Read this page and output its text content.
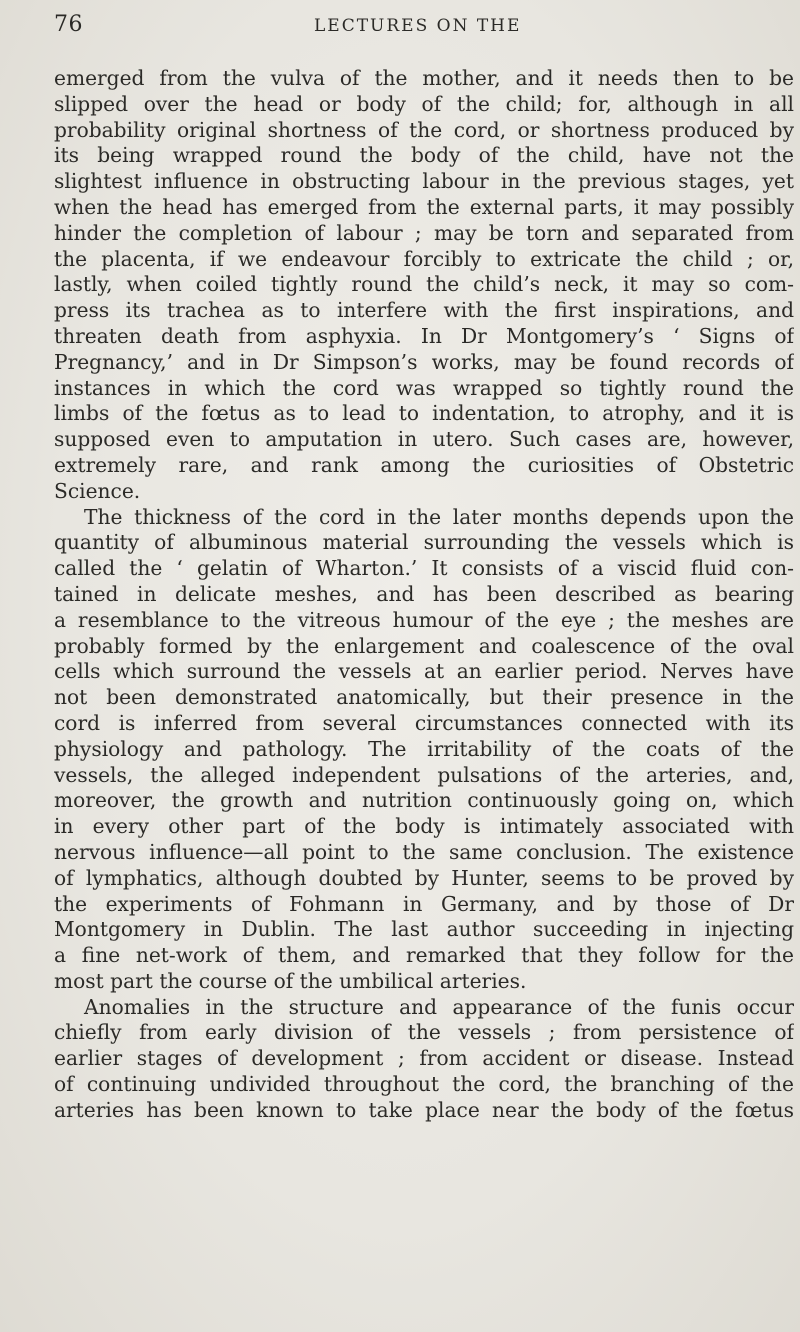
76	LECTURES ON THE
emerged from the vulva of the mother, and it needs then to be
slipped over the head or body of the child; for, although in all
probability original shortness of the cord, or shortness produced by
its being wrapped round the body of the child, have not the
slightest influence in obstructing labour in the previous stages, yet
when the head has emerged from the external parts, it may possibly
hinder the completion of labour ; may be torn and separated from
the placenta, if we endeavour forcibly to extricate the child ; or,
lastly, when coiled tightly round the child’s neck, it may so com-
press its trachea as to interfere with the first inspirations, and
threaten death from asphyxia. In Dr Montgomery’s ‘ Signs of
Pregnancy,’ and in Dr Simpson’s works, may be found records of
instances in which the cord was wrapped so tightly round the
limbs of the fœtus as to lead to indentation, to atrophy, and it is
supposed even to amputation in utero. Such cases are, however,
extremely rare, and rank among the curiosities of Obstetric
Science.
The thickness of the cord in the later months depends upon the
quantity of albuminous material surrounding the vessels which is
called the ‘ gelatin of Wharton.’ It consists of a viscid fluid con-
tained in delicate meshes, and has been described as bearing
a resemblance to the vitreous humour of the eye ; the meshes are
probably formed by the enlargement and coalescence of the oval
cells which surround the vessels at an earlier period. Nerves have
not been demonstrated anatomically, but their presence in the
cord is inferred from several circumstances connected with its
physiology and pathology. The irritability of the coats of the
vessels, the alleged independent pulsations of the arteries, and,
moreover, the growth and nutrition continuously going on, which
in every other part of the body is intimately associated with
nervous influence—all point to the same conclusion. The existence
of lymphatics, although doubted by Hunter, seems to be proved by
the experiments of Fohmann in Germany, and by those of Dr
Montgomery in Dublin. The last author succeeding in injecting
a fine net-work of them, and remarked that they follow for the
most part the course of the umbilical arteries.
Anomalies in the structure and appearance of the funis occur
chiefly from early division of the vessels ; from persistence of
earlier stages of development ; from accident or disease. Instead
of continuing undivided throughout the cord, the branching of the
arteries has been known to take place near the body of the fœtus
